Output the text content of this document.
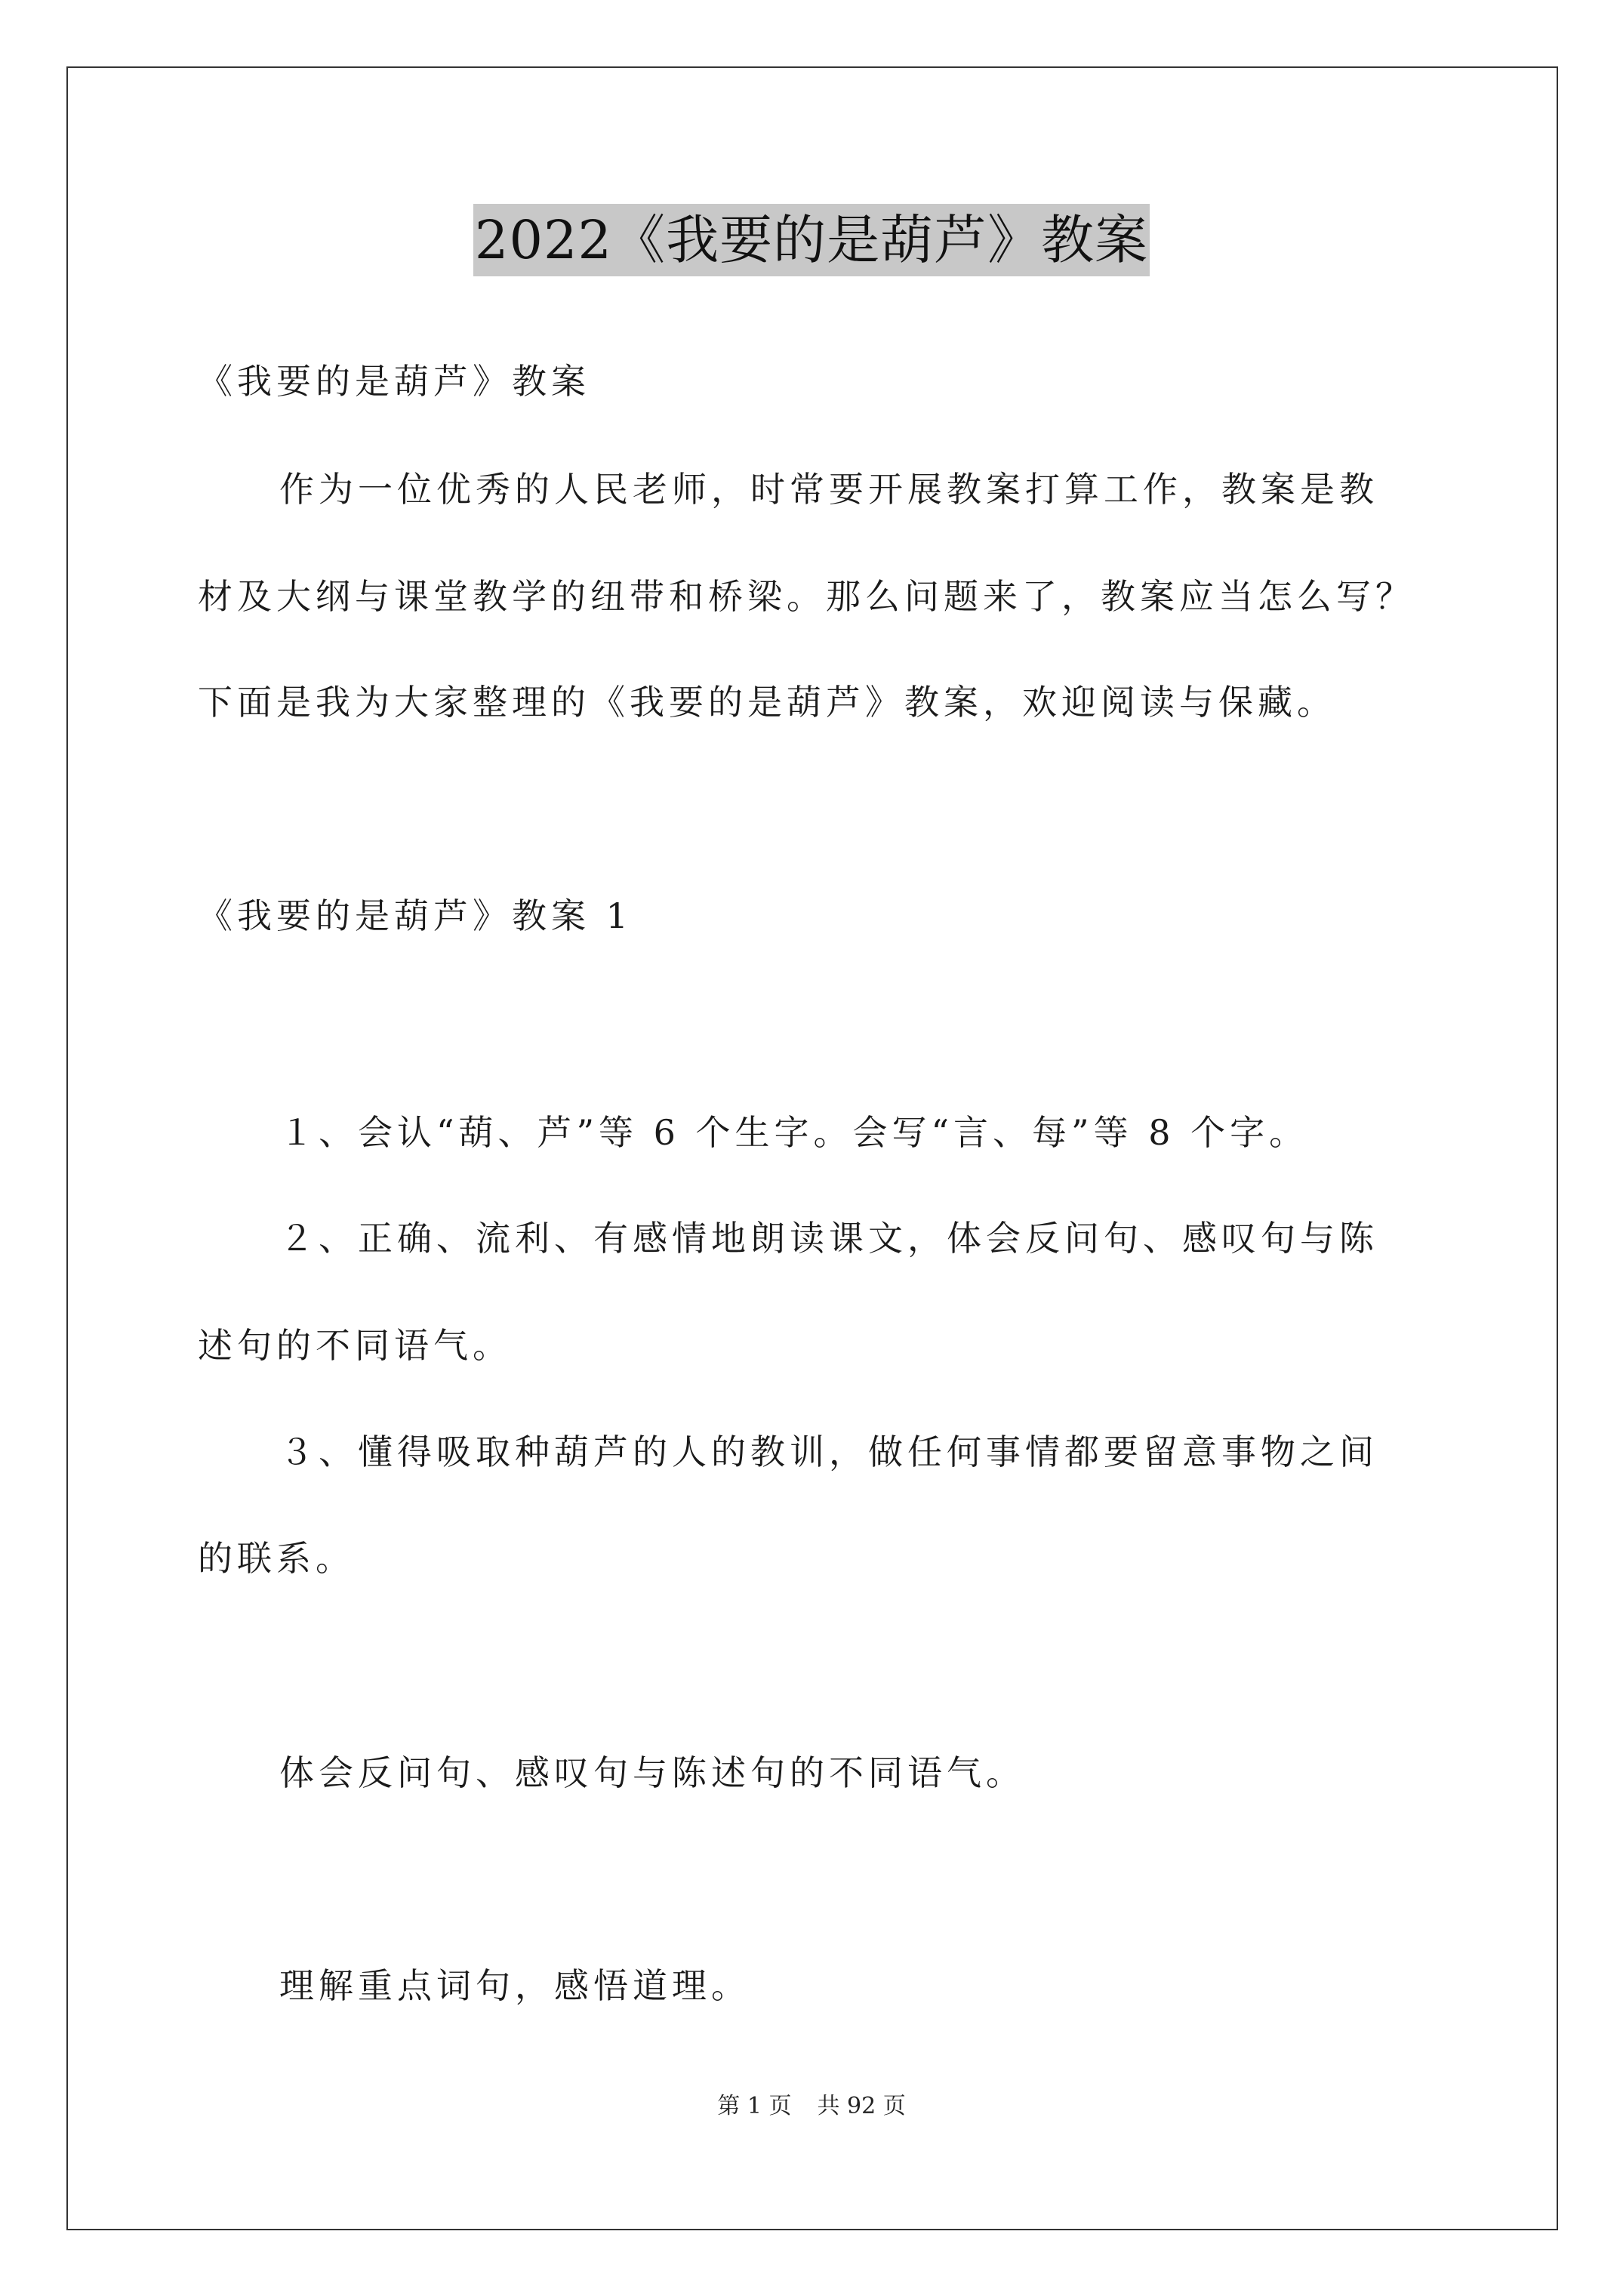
2022《我要的是葫芦》教案
《我要的是葫芦》教案
作为一位优秀的人民老师，时常要开展教案打算工作，教案是教
材及大纲与课堂教学的纽带和桥梁。那么问题来了，教案应当怎么写？
下面是我为大家整理的《我要的是葫芦》教案，欢迎阅读与保藏。
《我要的是葫芦》教案 1
１、会认“葫、芦”等 6 个生字。会写“言、每”等 8 个字。
２、正确、流利、有感情地朗读课文，体会反问句、感叹句与陈
述句的不同语气。
３、懂得吸取种葫芦的人的教训，做任何事情都要留意事物之间
的联系。
体会反问句、感叹句与陈述句的不同语气。
理解重点词句，感悟道理。
第 1 页 共 92 页
